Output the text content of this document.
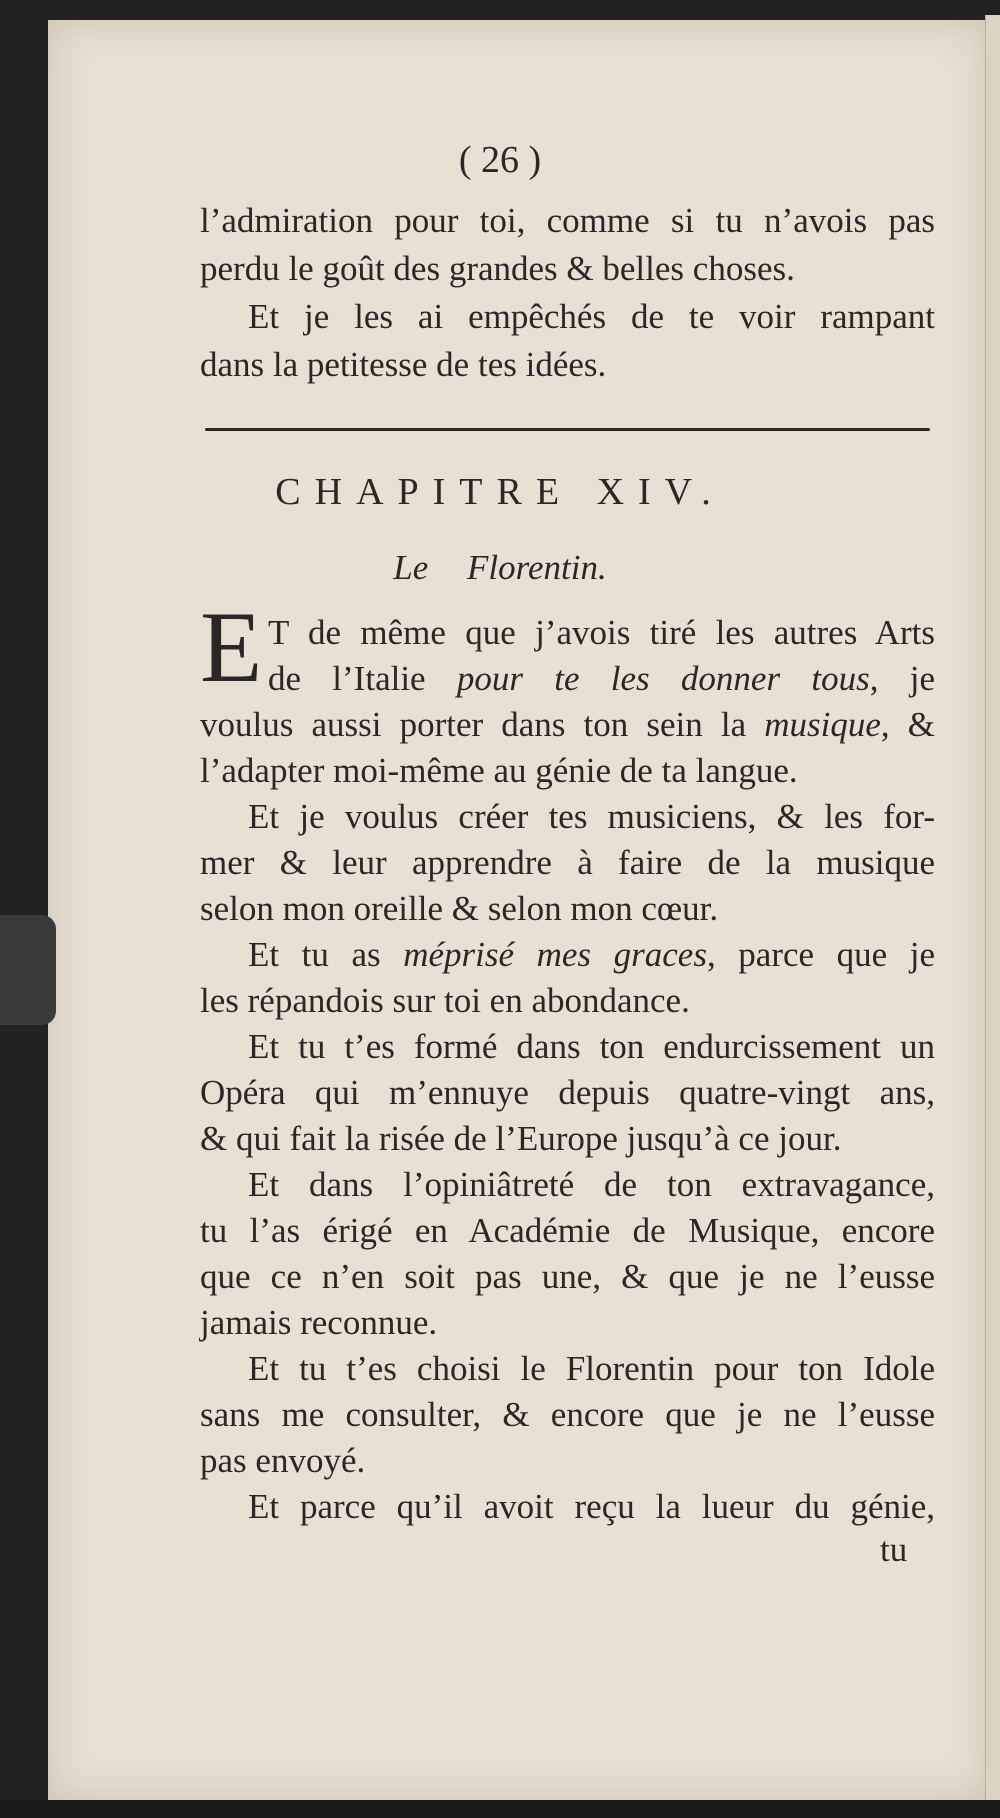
( 26 )
l’admiration pour toi, comme si tu n’avois pas
perdu le goût des grandes & belles choses.
Et je les ai empêchés de te voir rampant
dans la petitesse de tes idées.
CHAPITRE XIV.
Le Florentin.
E T de même que j’avois tiré les autres Arts
de l’Italie pour te les donner tous, je
voulus aussi porter dans ton sein la musique, &
l’adapter moi-même au génie de ta langue.
Et je voulus créer tes musiciens, & les for-
mer & leur apprendre à faire de la musique
selon mon oreille & selon mon cœur.
Et tu as méprisé mes graces, parce que je
les répandois sur toi en abondance.
Et tu t’es formé dans ton endurcissement un
Opéra qui m’ennuye depuis quatre-vingt ans,
& qui fait la risée de l’Europe jusqu’à ce jour.
Et dans l’opiniâtreté de ton extravagance,
tu l’as érigé en Académie de Musique, encore
que ce n’en soit pas une, & que je ne l’eusse
jamais reconnue.
Et tu t’es choisi le Florentin pour ton Idole
sans me consulter, & encore que je ne l’eusse
pas envoyé.
Et parce qu’il avoit reçu la lueur du génie,
tu
